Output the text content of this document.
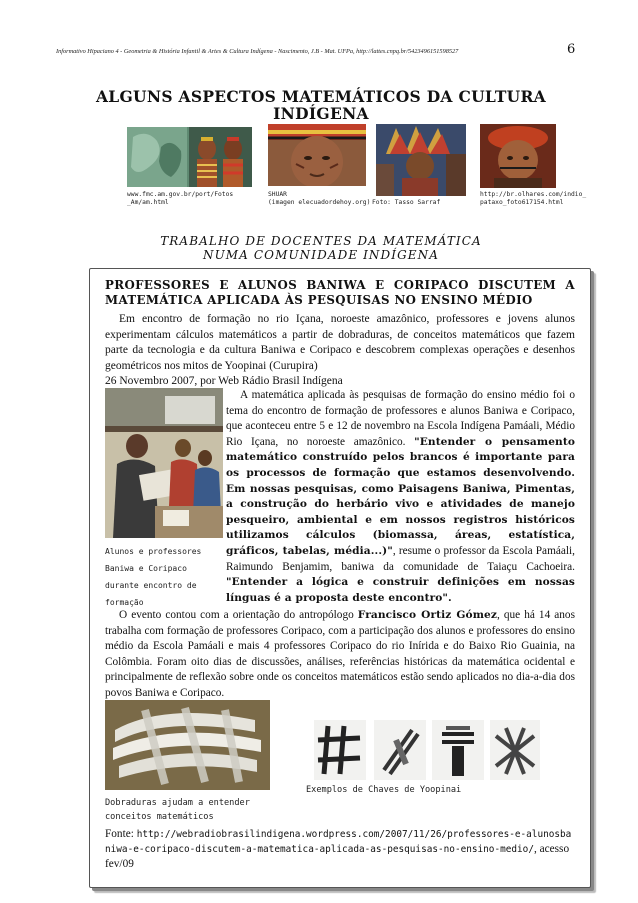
Informativo Hipaciano 4 - Geometria & História Infantil & Artes & Cultura Indígena - Nascimento, J.B - Mat. UFPa, http://lattes.cnpq.br/5423496151598527	6
ALGUNS ASPECTOS MATEMÁTICOS DA CULTURA INDÍGENA
www.fmc.am.gov.br/port/Fotos
_Am/am.html
SHUAR
(imagen elecuadordehoy.org) Foto: Tasso Sarraf
http://br.olhares.com/indio_
pataxo_foto617154.html
TRABALHO DE DOCENTES DA MATEMÁTICA
NUMA COMUNIDADE INDÍGENA
PROFESSORES E ALUNOS BANIWA E CORIPACO DISCUTEM A MATEMÁTICA APLICADA ÀS PESQUISAS NO ENSINO MÉDIO
Em encontro de formação no rio Içana, noroeste amazônico, professores e jovens alunos experimentam cálculos matemáticos a partir de dobraduras, de conceitos matemáticos que fazem parte da tecnologia e da cultura Baniwa e Coripaco e descobrem complexas operações e desenhos geométricos nos mitos de Yoopinai (Curupira)
26 Novembro 2007, por Web Rádio Brasil Indígena
Alunos e professores
Baniwa e Coripaco
durante encontro de
formação
A matemática aplicada às pesquisas de formação do ensino médio foi o tema do encontro de formação de professores e alunos Baniwa e Coripaco, que aconteceu entre 5 e 12 de novembro na Escola Indígena Pamáali, Médio Rio Içana, no noroeste amazônico. "Entender o pensamento matemático construído pelos brancos é importante para os processos de formação que estamos desenvolvendo. Em nossas pesquisas, como Paisagens Baniwa, Pimentas, a construção do herbário vivo e atividades de manejo pesqueiro, ambiental e em nossos registros históricos utilizamos cálculos (biomassa, áreas, estatística, gráficos, tabelas, média...)", resume o professor da Escola Pamáali, Raimundo Benjamim, baniwa da comunidade de Taiaçu Cachoeira. "Entender a lógica e construir definições em nossas línguas é a proposta deste encontro".
O evento contou com a orientação do antropólogo Francisco Ortiz Gómez, que há 14 anos trabalha com formação de professores Coripaco, com a participação dos alunos e professores do ensino médio da Escola Pamáali e mais 4 professores Coripaco do rio Inírida e do Baixo Rio Guainia, na Colômbia. Foram oito dias de discussões, análises, referências históricas da matemática ocidental e principalmente de reflexão sobre onde os conceitos matemáticos estão sendo aplicados no dia-a-dia dos povos Baniwa e Coripaco.
Dobraduras ajudam a entender
conceitos matemáticos
Exemplos de Chaves de Yoopinai
Fonte: http://webradiobrasilindigena.wordpress.com/2007/11/26/professores-e-alunosbaniwa-e-coripaco-discutem-a-matematica-aplicada-as-pesquisas-no-ensino-medio/, acesso fev/09
